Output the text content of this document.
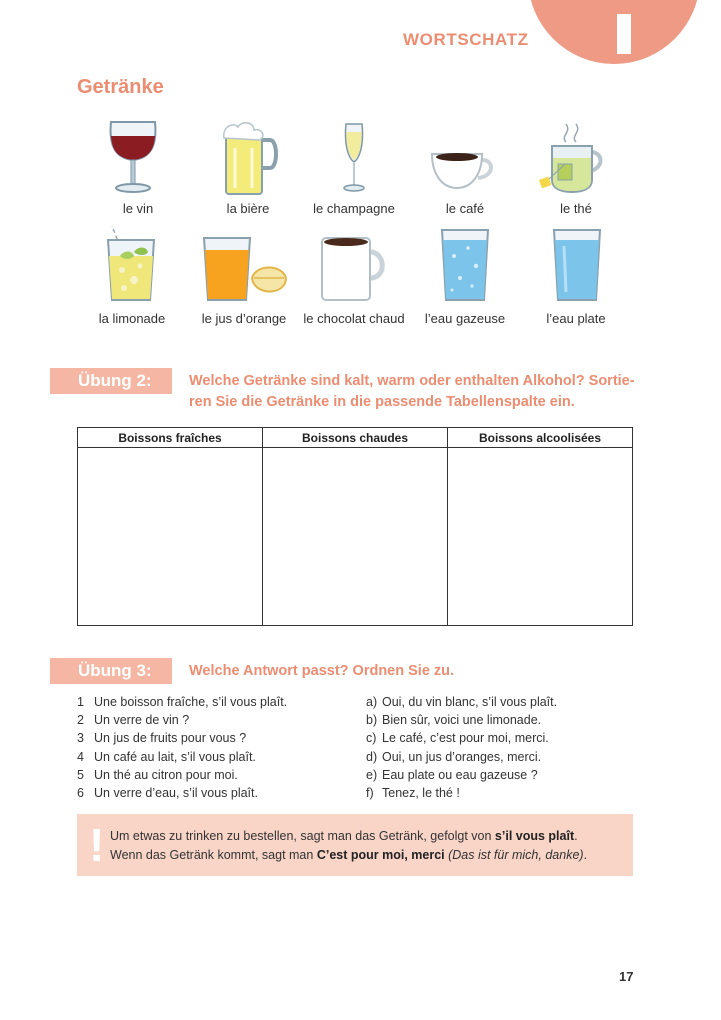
WORTSCHATZ
Getränke
le vin	la bière	le champagne	le café	le thé
la limonade	le jus d’orange le chocolat chaud l’eau gazeuse	l’eau plate
Übung 2:	Welche Getränke sind kalt, warm oder enthalten Alkohol? Sortie-
ren Sie die Getränke in die passende Tabellenspalte ein.
Boissons fraîches	Boissons chaudes	Boissons alcoolisées

Übung 3:	Welche Antwort passt? Ordnen Sie zu.
1 Une boisson fraîche, s’il vous plaît.
2 Un verre de vin ?
3 Un jus de fruits pour vous ?
4 Un café au lait, s’il vous plaît.
5 Un thé au citron pour moi.
6 Un verre d’eau, s’il vous plaît.
a) Oui, du vin blanc, s’il vous plaît.
b) Bien sûr, voici une limonade.
c) Le café, c’est pour moi, merci.
d) Oui, un jus d’oranges, merci.
e) Eau plate ou eau gazeuse ?
f) Tenez, le thé !
! Um etwas zu trinken zu bestellen, sagt man das Getränk, gefolgt von s’il vous plaît.
Wenn das Getränk kommt, sagt man C’est pour moi, merci (Das ist für mich, danke).
17
